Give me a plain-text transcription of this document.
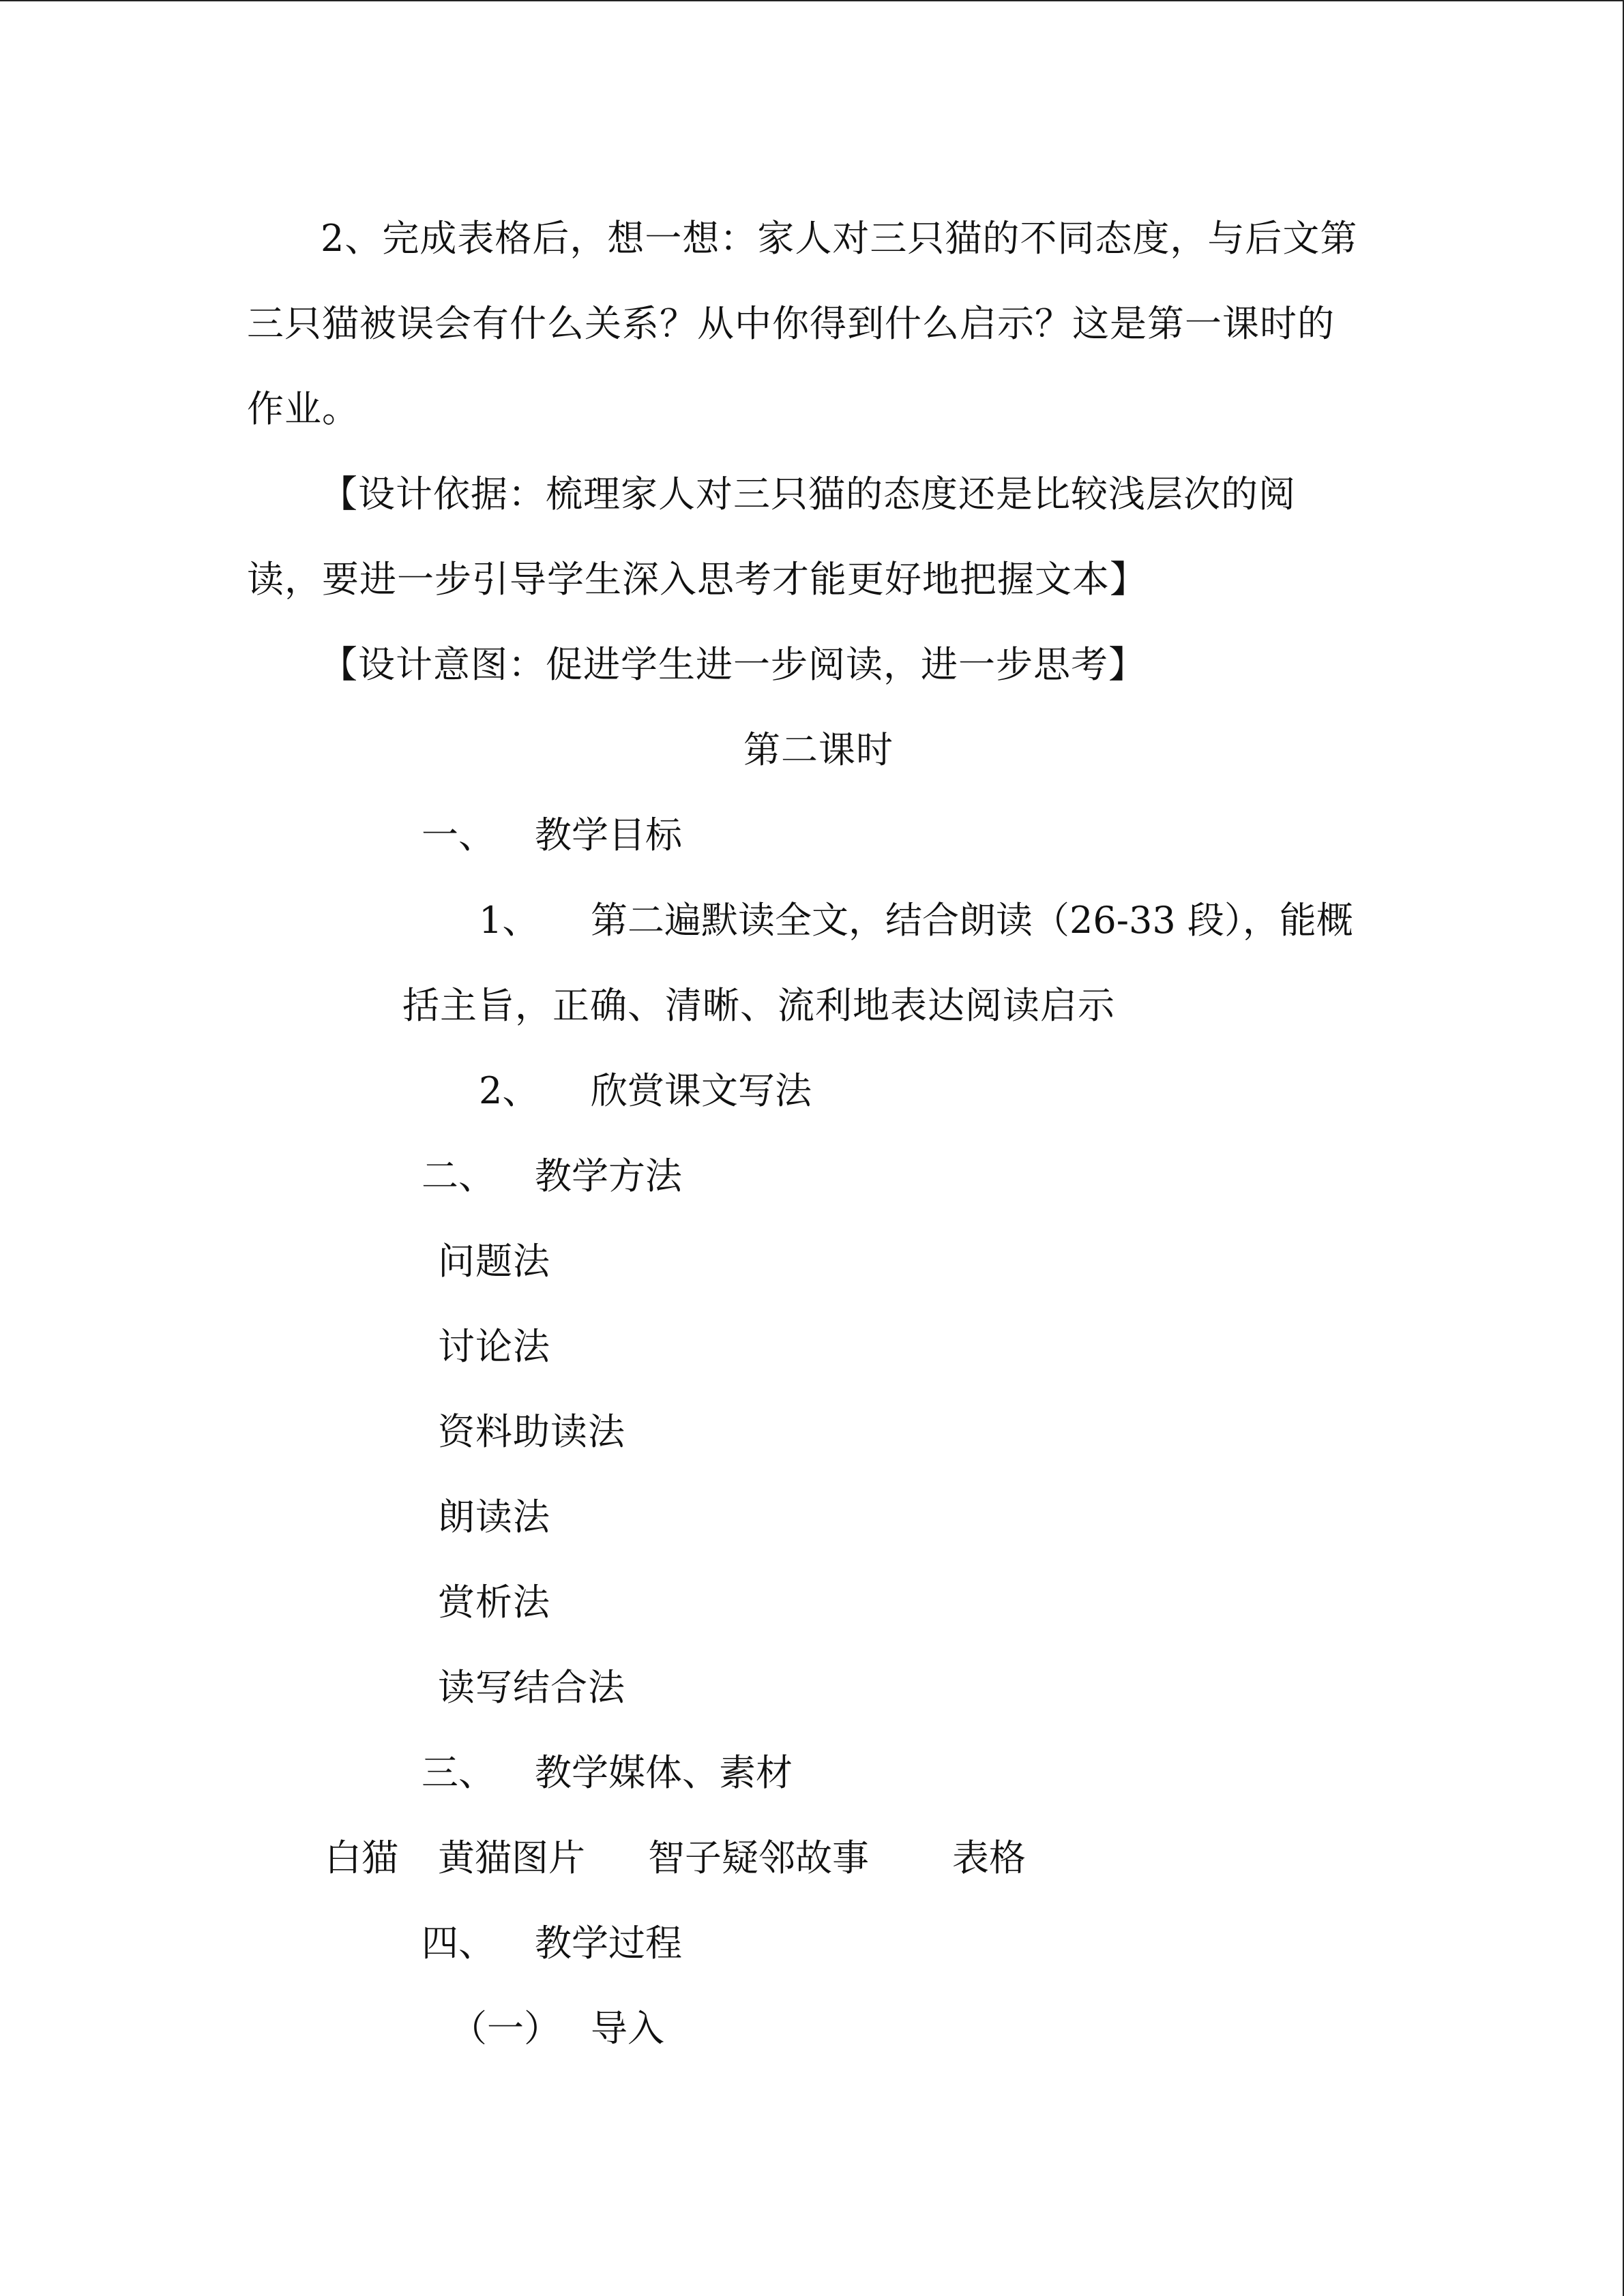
2、完成表格后，想一想：家人对三只猫的不同态度，与后文第
三只猫被误会有什么关系？从中你得到什么启示？这是第一课时的
作业。
【设计依据：梳理家人对三只猫的态度还是比较浅层次的阅
读，要进一步引导学生深入思考才能更好地把握文本】
【设计意图：促进学生进一步阅读，进一步思考】
第二课时
一、 教学目标
1、 第二遍默读全文，结合朗读（26-33 段），能概
括主旨，正确、清晰、流利地表达阅读启示
2、 欣赏课文写法
二、 教学方法
问题法
讨论法
资料助读法
朗读法
赏析法
读写结合法
三、 教学媒体、素材
白猫 黄猫图片 智子疑邻故事 表格
四、 教学过程
（一） 导入
